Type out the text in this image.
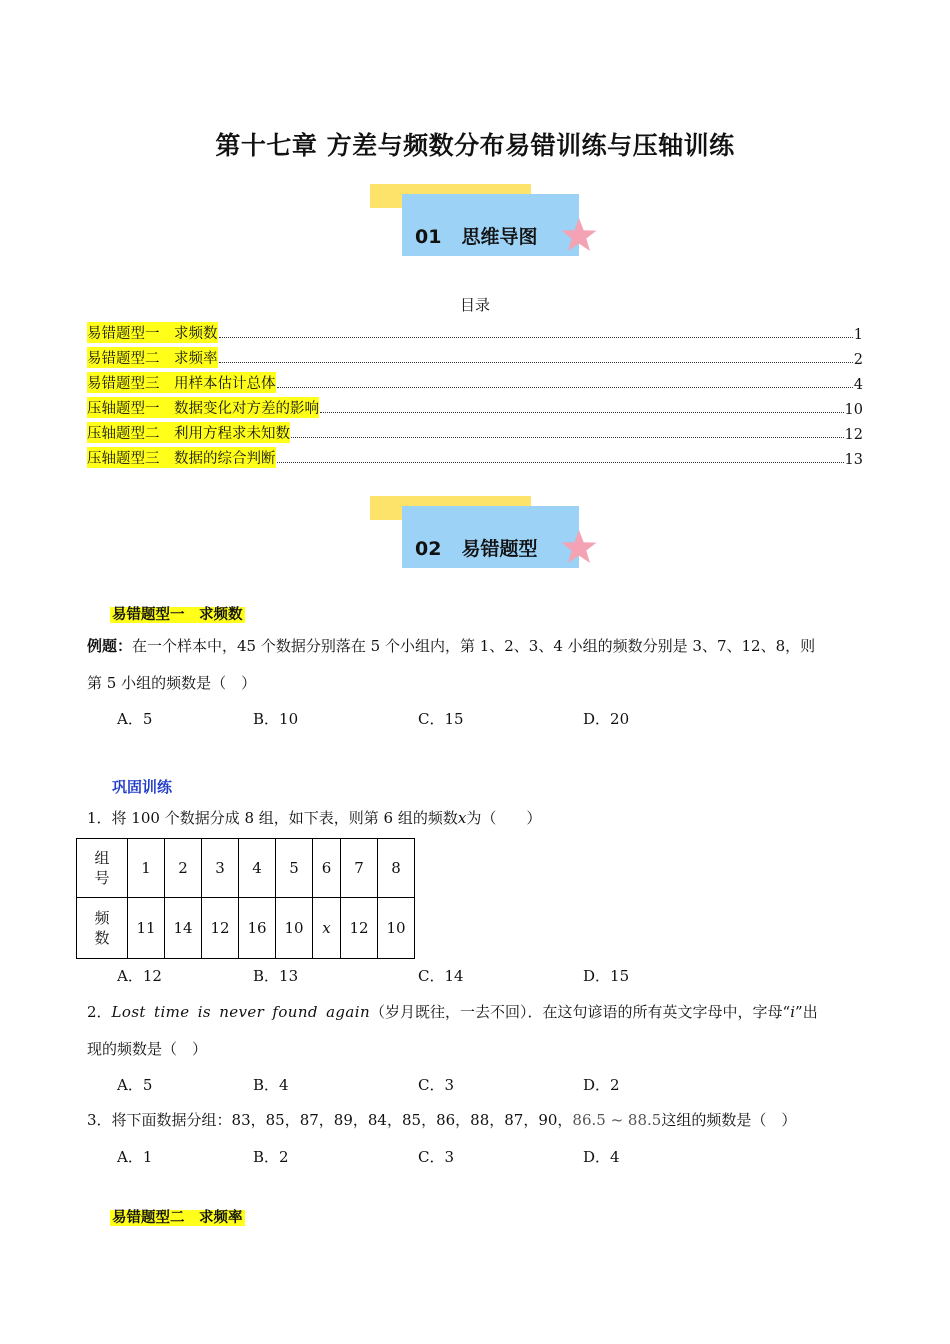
第十七章 方差与频数分布易错训练与压轴训练
01 思维导图
目录
易错题型一　求频数	1
易错题型二　求频率	2
易错题型三　用样本估计总体	4
压轴题型一　数据变化对方差的影响	10
压轴题型二　利用方程求未知数	12
压轴题型三　数据的综合判断	13
02 易错题型
易错题型一　求频数
例题：在一个样本中，45 个数据分别落在 5 个小组内，第 1、2、3、4 小组的频数分别是 3、7、12、8，则
第 5 小组的频数是（　）
A．5	B．10	C．15	D．20
巩固训练
1．将 100 个数据分成 8 组，如下表，则第 6 组的频数x为（　　）
组
号	1	2	3	4	5	6	7	8
频
数	11	14	12	16	10	x	12	10
A．12	B．13	C．14	D．15
2．Lost time is never found again（岁月既往，一去不回）．在这句谚语的所有英文字母中，字母“i”出
现的频数是（　）
A．5	B．4	C．3	D．2
3．将下面数据分组：83，85，87，89，84，85，86，88，87，90，86.5 ~ 88.5这组的频数是（　）
A．1	B．2	C．3	D．4
易错题型二　求频率
